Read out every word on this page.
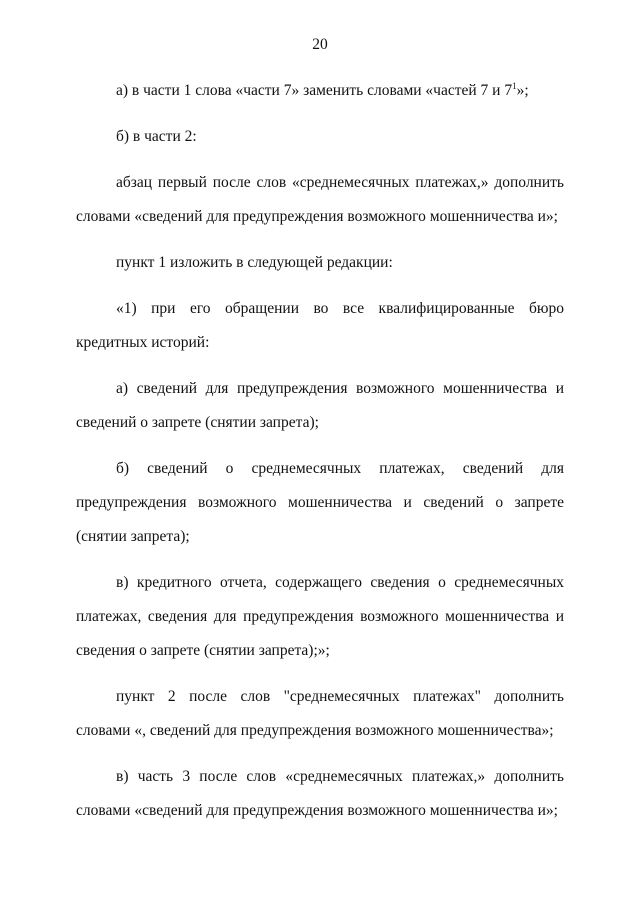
20

а) в части 1 слова «части 7» заменить словами «частей 7 и $7^1$»;

б) в части 2:

абзац первый после слов «среднемесячных платежах,» дополнить словами «сведений для предупреждения возможного мошенничества и»;

пункт 1 изложить в следующей редакции:

«1) при его обращении во все квалифицированные бюро кредитных историй:

а) сведений для предупреждения возможного мошенничества и сведений о запрете (снятии запрета);

б) сведений о среднемесячных платежах, сведений для предупреждения возможного мошенничества и сведений о запрете (снятии запрета);

в) кредитного отчета, содержащего сведения о среднемесячных платежах, сведения для предупреждения возможного мошенничества и сведения о запрете (снятии запрета);»;

пункт 2 после слов "среднемесячных платежах" дополнить словами «, сведений для предупреждения возможного мошенничества»;

в) часть 3 после слов «среднемесячных платежах,» дополнить словами «сведений для предупреждения возможного мошенничества и»;
